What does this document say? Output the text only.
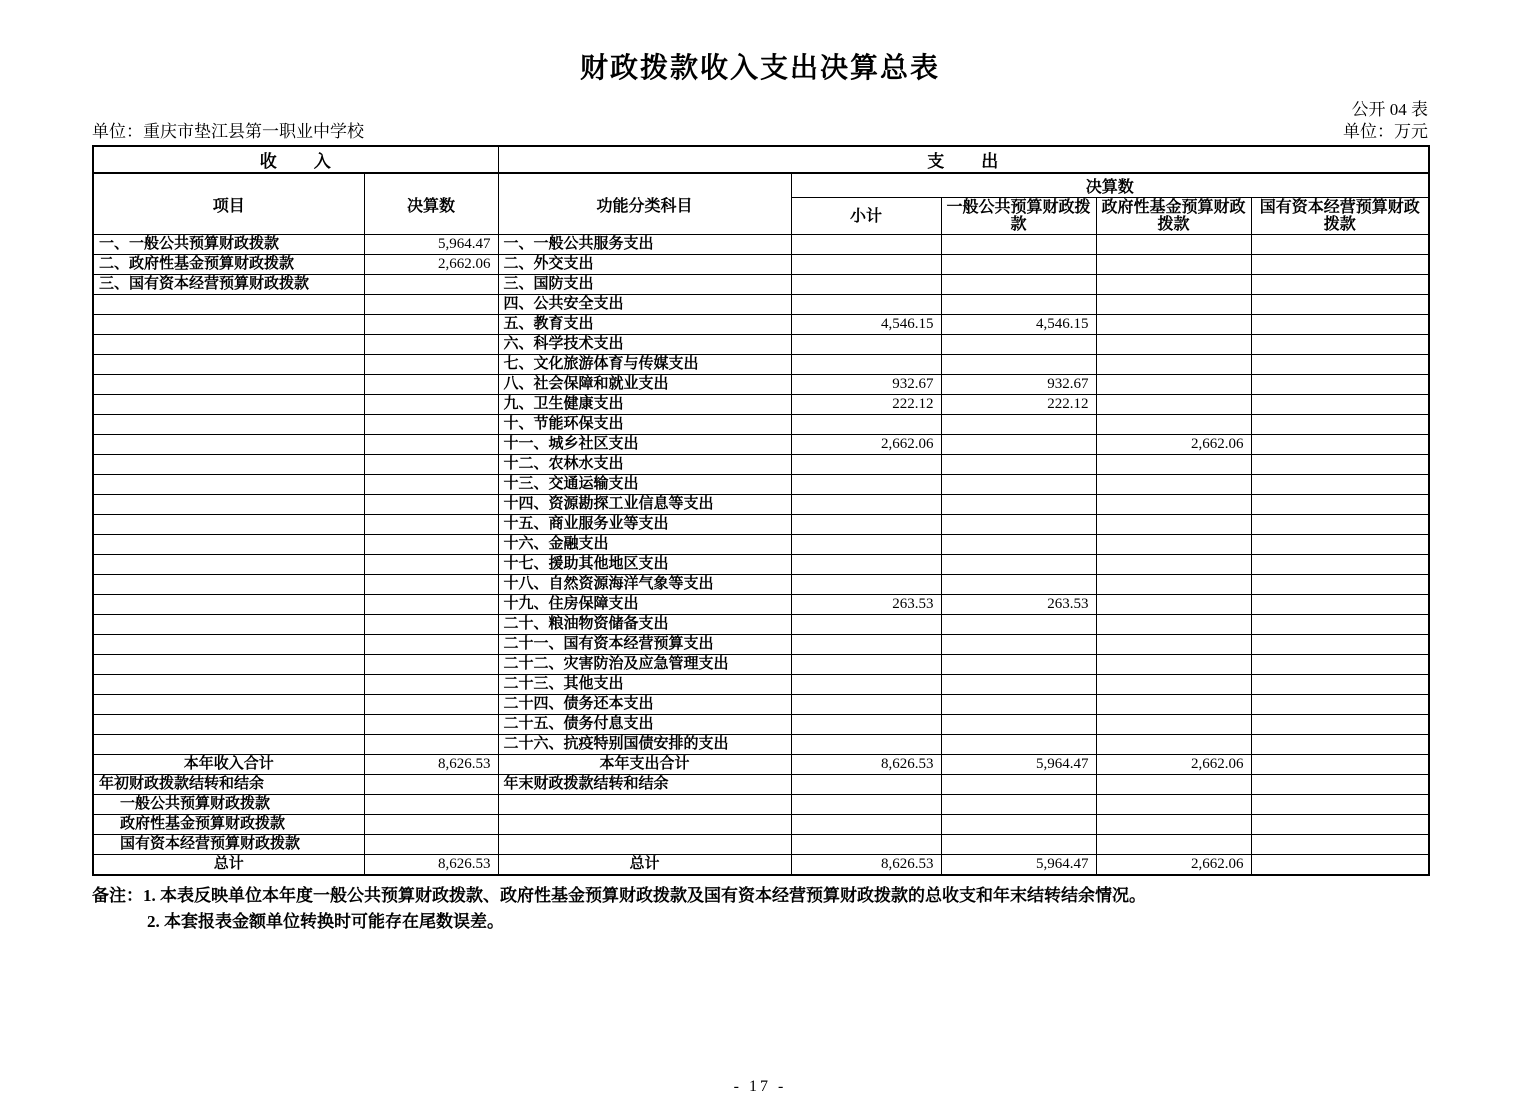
财政拨款收入支出决算总表
公开 04 表
单位：重庆市垫江县第一职业中学校	单位：万元
收　　入		支　　出				
项目	决算数	功能分类科目	决算数			
			小计	一般公共预算财政拨款	政府性基金预算财政拨款	国有资本经营预算财政拨款
一、一般公共预算财政拨款	5,964.47	一、一般公共服务支出				
二、政府性基金预算财政拨款	2,662.06	二、外交支出				
三、国有资本经营预算财政拨款		三、国防支出				
		四、公共安全支出				
		五、教育支出	4,546.15	4,546.15		
		六、科学技术支出				
		七、文化旅游体育与传媒支出				
		八、社会保障和就业支出	932.67	932.67		
		九、卫生健康支出	222.12	222.12		
		十、节能环保支出				
		十一、城乡社区支出	2,662.06		2,662.06	
		十二、农林水支出				
		十三、交通运输支出				
		十四、资源勘探工业信息等支出				
		十五、商业服务业等支出				
		十六、金融支出				
		十七、援助其他地区支出				
		十八、自然资源海洋气象等支出				
		十九、住房保障支出	263.53	263.53		
		二十、粮油物资储备支出				
		二十一、国有资本经营预算支出				
		二十二、灾害防治及应急管理支出				
		二十三、其他支出				
		二十四、债务还本支出				
		二十五、债务付息支出				
		二十六、抗疫特别国债安排的支出				
本年收入合计	8,626.53	本年支出合计	8,626.53	5,964.47	2,662.06	
年初财政拨款结转和结余		年末财政拨款结转和结余				
一般公共预算财政拨款						
政府性基金预算财政拨款						
国有资本经营预算财政拨款						
总计	8,626.53	总计	8,626.53	5,964.47	2,662.06	
备注：1. 本表反映单位本年度一般公共预算财政拨款、政府性基金预算财政拨款及国有资本经营预算财政拨款的总收支和年末结转结余情况。
2. 本套报表金额单位转换时可能存在尾数误差。
- 17 -
